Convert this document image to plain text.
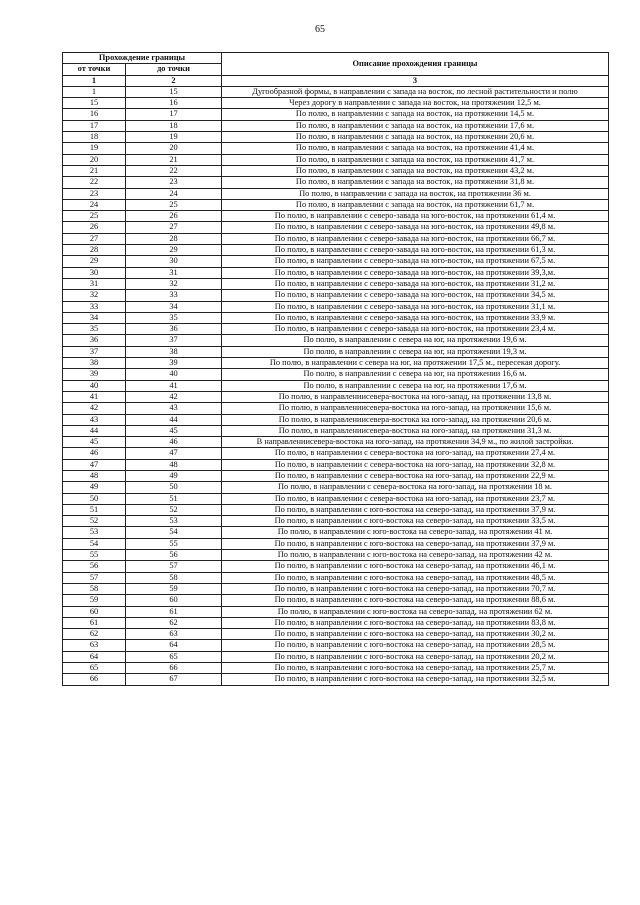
65
Прохождение границы		Описание прохождения границы
от точки	до точки	
1	2	3
1	15	Дугообразной формы, в направлении с запада на восток, по лесной растительности и полю
15	16	Через дорогу в направлении с запада на восток, на протяжении 12,5 м.
16	17	По полю, в направлении с запада на восток, на протяжении 14,5 м.
17	18	По полю, в направлении с запада на восток, на протяжении 17,6 м.
18	19	По полю, в направлении с запада на восток, на протяжении 20,6 м.
19	20	По полю, в направлении с запада на восток, на протяжении 41,4 м.
20	21	По полю, в направлении с запада на восток, на протяжении 41,7 м.
21	22	По полю, в направлении с запада на восток, на протяжении 43,2 м.
22	23	По полю, в направлении с запада на восток, на протяжении 31,8 м.
23	24	По полю, в направлении с запада на восток, на протяжении 36 м.
24	25	По полю, в направлении с запада на восток, на протяжении 61,7 м.
25	26	По полю, в направлении с северо-завада на юго-восток, на протяжении 61,4 м.
26	27	По полю, в направлении с северо-завада на юго-восток, на протяжении 49,8 м.
27	28	По полю, в направлении с северо-завада на юго-восток, на протяжении 66,7 м.
28	29	По полю, в направлении с северо-завада на юго-восток, на протяжении 61,3 м.
29	30	По полю, в направлении с северо-завада на юго-восток, на протяжении 67,5 м.
30	31	По полю, в направлении с северо-завада на юго-восток, на протяжении 39,3,м.
31	32	По полю, в направлении с северо-завада на юго-восток, на протяжении 31,2 м.
32	33	По полю, в направлении с северо-завада на юго-восток, на протяжении 34,5 м.
33	34	По полю, в направлении с северо-завада на юго-восток, на протяжении 31,1 м.
34	35	По полю, в направлении с северо-завада на юго-восток, на протяжении 33,9 м.
35	36	По полю, в направлении с северо-завада на юго-восток, на протяжении 23,4 м.
36	37	По полю, в направлении с севера на юг, на протяжении 19,6 м.
37	38	По полю, в направлении с севера на юг, на протяжении 19,3 м.
38	39	По полю, в направлении с севера на юг, на протяжении 17,5 м., пересекая дорогу.
39	40	По полю, в направлении с севера на юг, на протяжении 16,6 м.
40	41	По полю, в направлении с севера на юг, на протяжении 17,6 м.
41	42	По полю, в направлениисевера-востока на юго-запад, на протяжении 13,8 м.
42	43	По полю, в направлениисевера-востока на юго-запад, на протяжении 15,6 м.
43	44	По полю, в направлениисевера-востока на юго-запад, на протяжении 20,6 м.
44	45	По полю, в направлениисевера-востока на юго-запад, на протяжении 31,3 м.
45	46	В направлениисевера-востока на юго-запад, на протяжении 34,9 м., по жилой застройки.
46	47	По полю, в направлении с севера-востока на юго-запад, на протяжении 27,4 м.
47	48	По полю, в направлении с севера-востока на юго-запад, на протяжении 32,8 м.
48	49	По полю, в направлении с севера-востока на юго-запад, на протяжении 22,9 м.
49	50	По полю, в направлении с севера-востока на юго-запад, на протяжении 18 м.
50	51	По полю, в направлении с севера-востока на юго-запад, на протяжении 23,7 м.
51	52	По полю, в направлении с юго-востока на северо-запад, на протяжении 37,9 м.
52	53	По полю, в направлении с юго-востока на северо-запад, на протяжении 33,5 м.
53	54	По полю, в направлении с юго-востока на северо-запад, на протяжении 41 м.
54	55	По полю, в направлении с юго-востока на северо-запад, на протяжении 37,9 м.
55	56	По полю, в направлении с юго-востока на северо-запад, на протяжении 42 м.
56	57	По полю, в направлении с юго-востока на северо-запад, на протяжении 46,1 м.
57	58	По полю, в направлении с юго-востока на северо-запад, на протяжении 48,5 м.
58	59	По полю, в направлении с юго-востока на северо-запад, на протяжении 70,7 м.
59	60	По полю, в направлении с юго-востока на северо-запад, на протяжении 88,6 м.
60	61	По полю, в направлении с юго-востока на северо-запад, на протяжении 62 м.
61	62	По полю, в направлении с юго-востока на северо-запад, на протяжении 83,8 м.
62	63	По полю, в направлении с юго-востока на северо-запад, на протяжении 30,2 м.
63	64	По полю, в направлении с юго-востока на северо-запад, на протяжении 28,5 м.
64	65	По полю, в направлении с юго-востока на северо-запад, на протяжении 20,2 м.
65	66	По полю, в направлении с юго-востока на северо-запад, на протяжении 25,7 м.
66	67	По полю, в направлении с юго-востока на северо-запад, на протяжении 32,5 м.
